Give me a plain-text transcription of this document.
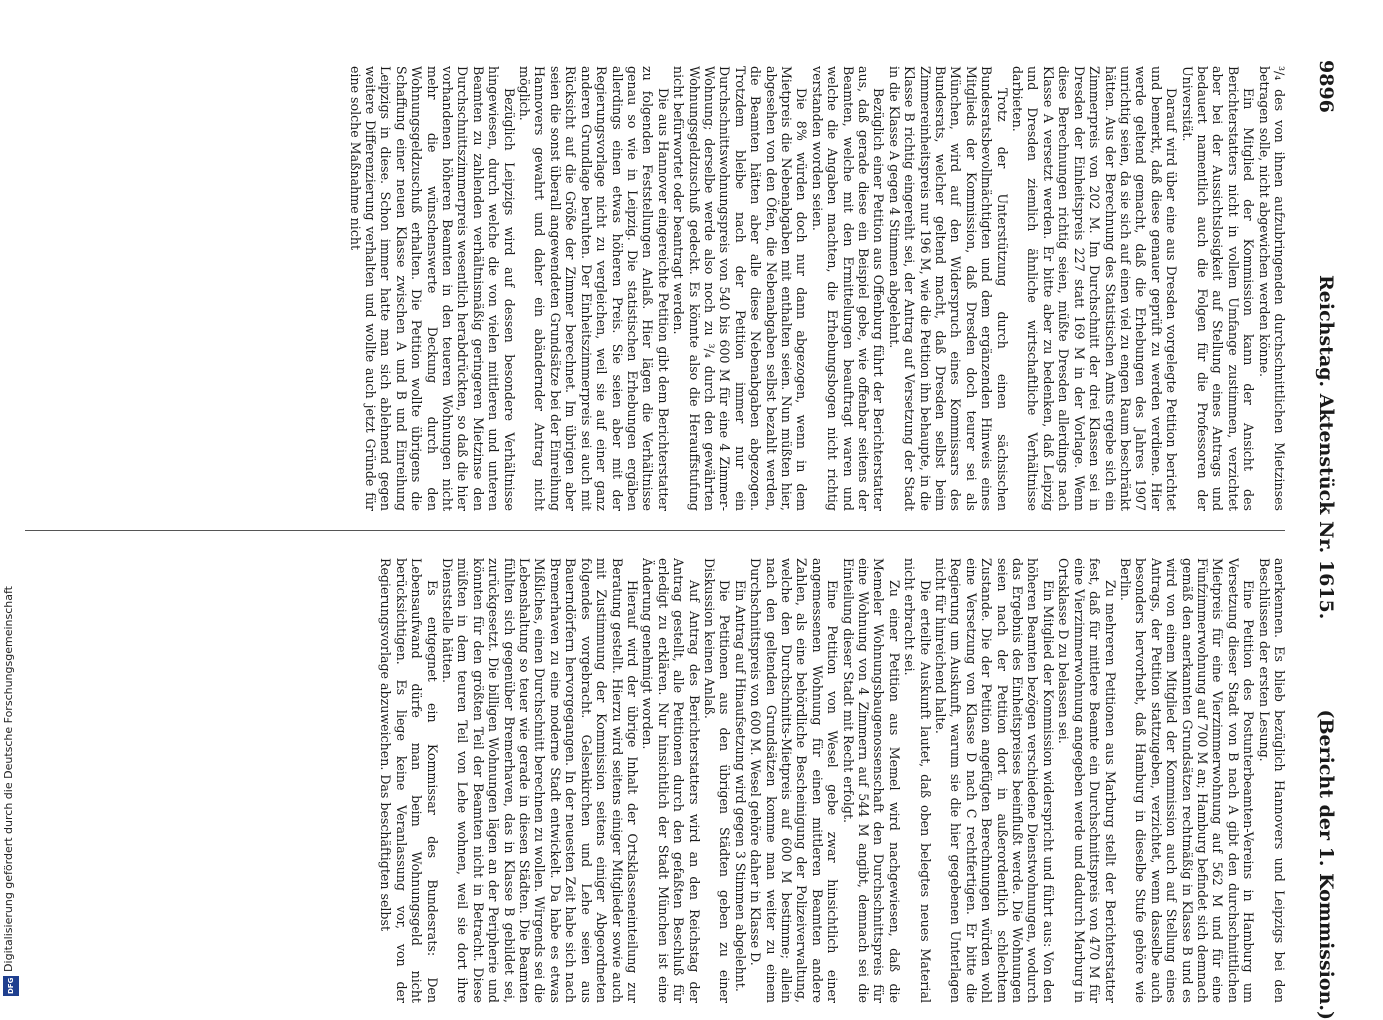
9896
Reichstag. Aktenstück Nr. 1615.
(Bericht der 1. Kommission.)

³/₄ des von ihnen aufzubringenden durchschnittlichen Mietzinses betragen solle, nicht abgewichen werden könne.

Ein Mitglied der Kommission kann der Ansicht des Berichterstatters nicht in vollem Umfange zustimmen, verzichtet aber bei der Aussichtslosigkeit auf Stellung eines Antrags und bedauert namentlich auch die Folgen für die Professoren der Universität.

Darauf wird über eine aus Dresden vorgelegte Petition berichtet und bemerkt, daß diese genauer geprüft zu werden verdiene. Hier werde geltend gemacht, daß die Erhebungen des Jahres 1907 unrichtig seien, da sie sich auf einen viel zu engen Raum beschränkt hätten. Aus der Berechnung des Statistischen Amts ergebe sich ein Zimmerpreis von 202 M. Im Durchschnitt der drei Klassen sei in Dresden der Einheitspreis 227 statt 169 M in der Vorlage. Wenn diese Berechnungen richtig seien, müßte Dresden allerdings nach Klasse A versetzt werden. Er bitte aber zu bedenken, daß Leipzig und Dresden ziemlich ähnliche wirtschaftliche Verhältnisse darbieten.

Trotz der Unterstützung durch einen sächsischen Bundesratsbevollmächtigten und dem ergänzenden Hinweis eines Mitglieds der Kommission, daß Dresden doch teurer sei als München, wird auf den Widerspruch eines Kommissars des Bundesrats, welcher geltend macht, daß Dresden selbst beim Zimmereinheitspreis nur 196 M, wie die Petition ihn behaupte, in die Klasse B richtig eingereiht sei, der Antrag auf Versetzung der Stadt in die Klasse A gegen 4 Stimmen abgelehnt.

Bezüglich einer Petition aus Offenburg führt der Berichterstatter aus, daß gerade diese ein Beispiel gebe, wie offenbar seitens der Beamten, welche mit den Ermittelungen beauftragt waren und welche die Angaben machten, die Erhebungsbogen nicht richtig verstanden worden seien.

Die 8% würden doch nur dann abgezogen, wenn in dem Mietpreis die Nebenabgaben mit enthalten seien. Nun müßten hier, abgesehen von den Öfen, die Nebenabgaben selbst bezahlt werden, die Beamten hätten aber alle diese Nebenabgaben abgezogen. Trotzdem bleibe nach der Petition immer nur ein Durchschnittswohnungspreis von 540 bis 600 M für eine 4 Zimmer-Wohnung; derselbe werde also noch zu ³/₄ durch den gewährten Wohnungsgeldzuschuß gedeckt. Es könnte also die Herauffstufung nicht befürwortet oder beantragt werden.

Die aus Hannover eingereichte Petition gibt dem Berichterstatter zu folgenden Feststellungen Anlaß. Hier lägen die Verhältnisse genau so wie in Leipzig. Die statistischen Erhebungen ergäben allerdings einen etwas höheren Preis. Sie seien aber mit der Regierungsvorlage nicht zu vergleichen, weil sie auf einer ganz anderen Grundlage beruhten. Der Einheitszimmerpreis sei auch mit Rücksicht auf die Größe der Zimmer berechnet. Im übrigen aber seien die sonst überall angewendeten Grundsätze bei der Einreihung Hannovers gewahrt und daher ein abändernder Antrag nicht möglich.

Bezüglich Leipzigs wird auf dessen besondere Verhältnisse hingewiesen, durch welche die von vielen mittleren und unteren Beamten zu zahlenden verhältnismäßig geringeren Mietzinse den Durchschnittszimmerpreis wesentlich herabdrückten, so daß die hier vorhandenen höheren Beamten in den teueren Wohnungen nicht mehr die wünschenswerte Deckung durch den Wohnungsgeldzuschuß erhalten. Die Petition wollte übrigens die Schaffung einer neuen Klasse zwischen A und B und Einreihung Leipzigs in diese. Schon immer hatte man sich ablehnend gegen weitere Differenzierung verhalten und wollte auch jetzt Gründe für eine solche Maßnahme nicht

anerkennen. Es blieb bezüglich Hannovers und Leipzigs bei den Beschlüssen der ersten Lesung.

Eine Petition des Postunterbeamten-Vereins in Hamburg um Versetzung dieser Stadt von B nach A gibt den durchschnittlichen Mietpreis für eine Vierzimmerwohnung auf 562 M und für eine Fünfzimmerwohnung auf 700 M an; Hamburg befindet sich demnach gemäß den anerkannten Grundsätzen rechtmäßig in Klasse B und es wird von einem Mitglied der Kommission auch auf Stellung eines Antrags, der Petition stattzugeben, verzichtet, wenn dasselbe auch besonders hervorhebt, daß Hamburg in dieselbe Stufe gehöre wie Berlin.

Zu mehreren Petitionen aus Marburg stellt der Berichterstatter fest, daß für mittlere Beamte ein Durchschnittspreis von 470 M für eine Vierzimmerwohnung angegeben werde und dadurch Marburg in Ortsklasse D zu belassen sei.

Ein Mitglied der Kommission widerspricht und führt aus: Von den höheren Beamten bezögen verschiedene Dienstwohnungen, wodurch das Ergebnis des Einheitspreises beeinflußt werde. Die Wohnungen seien nach der Petition dort in außerordentlich schlechtem Zustande. Die der Petition angefügten Berechnungen würden wohl eine Versetzung von Klasse D nach C rechtfertigen. Er bitte die Regierung um Auskunft, warum sie die hier gegebenen Unterlagen nicht für hinreichend halte.

Die erteilte Auskunft lautet, daß oben belegtes neues Material nicht erbracht sei.

Zu einer Petition aus Memel wird nachgewiesen, daß die Memeler Wohnungsbaugenossenschaft den Durchschnittspreis für eine Wohnung von 4 Zimmern auf 544 M angibt, demnach sei die Einteilung dieser Stadt mit Recht erfolgt.

Eine Petition von Wesel gebe zwar hinsichtlich einer angemessenen Wohnung für einen mittleren Beamten andere Zahlen, als eine behördliche Bescheinigung der Polizeiverwaltung, welche den Durchschnitts-Mietpreis auf 600 M bestimme; allein nach den geltenden Grundsätzen komme man weiter zu einem Durchschnittspreis von 600 M. Wesel gehöre daher in Klasse D.

Ein Antrag auf Hinaufsetzung wird gegen 3 Stimmen abgelehnt.

Die Petitionen aus den übrigen Städten geben zu einer Diskussion keinen Anlaß.

Auf Antrag des Berichterstatters wird an den Reichstag der Antrag gestellt, alle Petitionen durch den gefaßten Beschluß für erledigt zu erklären. Nur hinsichtlich der Stadt München ist eine Änderung genehmigt worden.

Hierauf wird der übrige Inhalt der Ortsklasseneinteilung zur Beratung gestellt. Hierzu wird seitens einiger Mitglieder sowie auch mit Zustimmung der Kommission seitens einiger Abgeordneten folgendes vorgebracht. Gelsenkirchen und Lehe seien aus Bauerndörfern hervorgegangen. In der neuesten Zeit habe sich nach Bremerhaven zu eine moderne Stadt entwickelt. Da habe es etwas Mißliches, einen Durchschnitt berechnen zu wollen. Wirgends sei die Lebenshaltung so teuer wie gerade in diesen Städten. Die Beamten fühlten sich gegenüber Bremerhaven, das in Klasse B gebildet sei, zurückgesetzt. Die billigen Wohnungen lägen an der Peripherie und könnten für den größten Teil der Beamten nicht in Betracht. Diese müßten in dem teuren Teil von Lehe wohnen, weil sie dort ihre Dienststelle hätten.

Es entgegnet ein Kommissar des Bundesrats: Den Lebensaufwand dürfe man beim Wohnungsgeld nicht berücksichtigen. Es liege keine Veranlassung vor, von der Regierungsvorlage abzuweichen. Das beschäftigten selbst

Digitalisierung gefördert durch die Deutsche Forschungsgemeinschaft
DFG
